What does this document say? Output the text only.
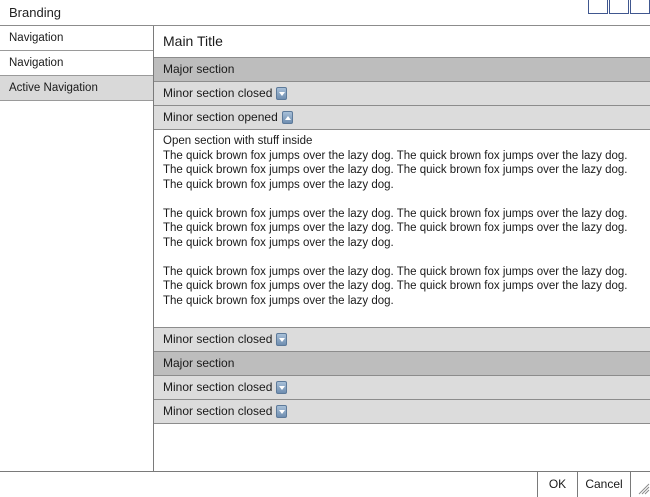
Branding
Navigation
Navigation
Active Navigation
Main Title
Major section
Minor section closed
Minor section opened

Open section with stuff inside

The quick brown fox jumps over the lazy dog. The quick brown fox jumps over the lazy dog. The quick brown fox jumps over the lazy dog. The quick brown fox jumps over the lazy dog. The quick brown fox jumps over the lazy dog.

The quick brown fox jumps over the lazy dog. The quick brown fox jumps over the lazy dog. The quick brown fox jumps over the lazy dog. The quick brown fox jumps over the lazy dog. The quick brown fox jumps over the lazy dog.

The quick brown fox jumps over the lazy dog. The quick brown fox jumps over the lazy dog. The quick brown fox jumps over the lazy dog. The quick brown fox jumps over the lazy dog. The quick brown fox jumps over the lazy dog.

Minor section closed
Major section
Minor section closed
Minor section closed
OK	Cancel
